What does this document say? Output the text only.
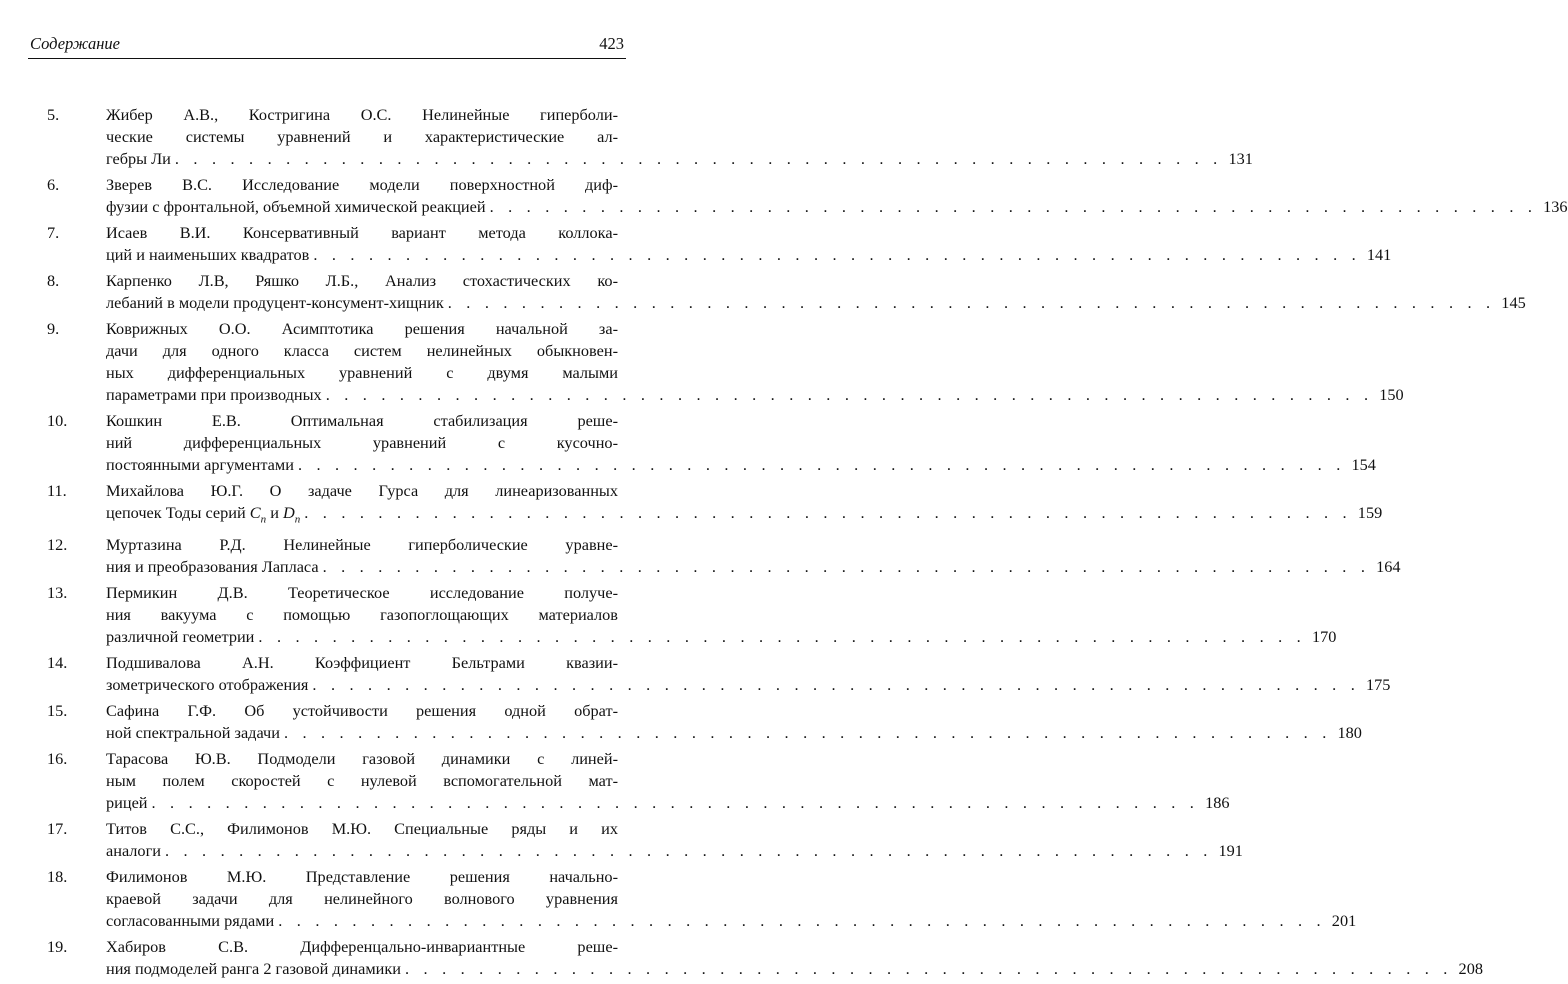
Содержание	423
5.	Жибер А.В., Костригина О.С. Нелинейные гиперболи-
ческие системы уравнений и характеристические ал-
гебры Ли . . . . . . . . . . . . . . . . . . . . . . . . . . . . . . . . . . . . . . . . . . . . . . . . . . . . . . . . . 131
6.	Зверев В.С. Исследование модели поверхностной диф-
фузии с фронтальной, объемной химической реакцией . . . . . . . . . . . . . . . . . . . . . . . . . . . . . . . . . . . . . . . . . . . . . . . . . . . . . . . . . 136
7.	Исаев В.И. Консервативный вариант метода коллока-
ций и наименьших квадратов . . . . . . . . . . . . . . . . . . . . . . . . . . . . . . . . . . . . . . . . . . . . . . . . . . . . . . . . . 141
8.	Карпенко Л.В, Ряшко Л.Б., Анализ стохастических ко-
лебаний в модели продуцент-консумент-хищник . . . . . . . . . . . . . . . . . . . . . . . . . . . . . . . . . . . . . . . . . . . . . . . . . . . . . . . . . 145
9.	Коврижных О.О. Асимптотика решения начальной за-
дачи для одного класса систем нелинейных обыкновен-
ных дифференциальных уравнений с двумя малыми
параметрами при производных . . . . . . . . . . . . . . . . . . . . . . . . . . . . . . . . . . . . . . . . . . . . . . . . . . . . . . . . . 150
10. Кошкин Е.В. Оптимальная стабилизация реше-
ний дифференциальных уравнений с кусочно-
постоянными аргументами . . . . . . . . . . . . . . . . . . . . . . . . . . . . . . . . . . . . . . . . . . . . . . . . . . . . . . . . . 154
11. Михайлова Ю.Г. О задаче Гурса для линеаризованных
цепочек Тоды серий $C_n$ и $D_n$ . . . . . . . . . . . . . . . . . . . . . . . . . . . . . . . . . . . . . . . . . . . . . . . . . . . . . . . . . 159
12. Муртазина Р.Д. Нелинейные гиперболические уравне-
ния и преобразования Лапласа . . . . . . . . . . . . . . . . . . . . . . . . . . . . . . . . . . . . . . . . . . . . . . . . . . . . . . . . . 164
13. Пермикин Д.В. Теоретическое исследование получе-
ния вакуума с помощью газопоглощающих материалов
различной геометрии . . . . . . . . . . . . . . . . . . . . . . . . . . . . . . . . . . . . . . . . . . . . . . . . . . . . . . . . . 170
14. Подшивалова А.Н. Коэффициент Бельтрами квазии-
зометрического отображения . . . . . . . . . . . . . . . . . . . . . . . . . . . . . . . . . . . . . . . . . . . . . . . . . . . . . . . . . 175
15. Сафина Г.Ф. Об устойчивости решения одной обрат-
ной спектральной задачи . . . . . . . . . . . . . . . . . . . . . . . . . . . . . . . . . . . . . . . . . . . . . . . . . . . . . . . . . 180
16. Тарасова Ю.В. Подмодели газовой динамики с линей-
ным полем скоростей с нулевой вспомогательной мат-
рицей . . . . . . . . . . . . . . . . . . . . . . . . . . . . . . . . . . . . . . . . . . . . . . . . . . . . . . . . . 186
17. Титов С.С., Филимонов М.Ю. Специальные ряды и их
аналоги . . . . . . . . . . . . . . . . . . . . . . . . . . . . . . . . . . . . . . . . . . . . . . . . . . . . . . . . . 191
18. Филимонов М.Ю. Представление решения начально-
краевой задачи для нелинейного волнового уравнения
согласованными рядами . . . . . . . . . . . . . . . . . . . . . . . . . . . . . . . . . . . . . . . . . . . . . . . . . . . . . . . . . 201
19. Хабиров С.В. Дифференцально-инвариантные реше-
ния подмоделей ранга 2 газовой динамики . . . . . . . . . . . . . . . . . . . . . . . . . . . . . . . . . . . . . . . . . . . . . . . . . . . . . . . . . 208
